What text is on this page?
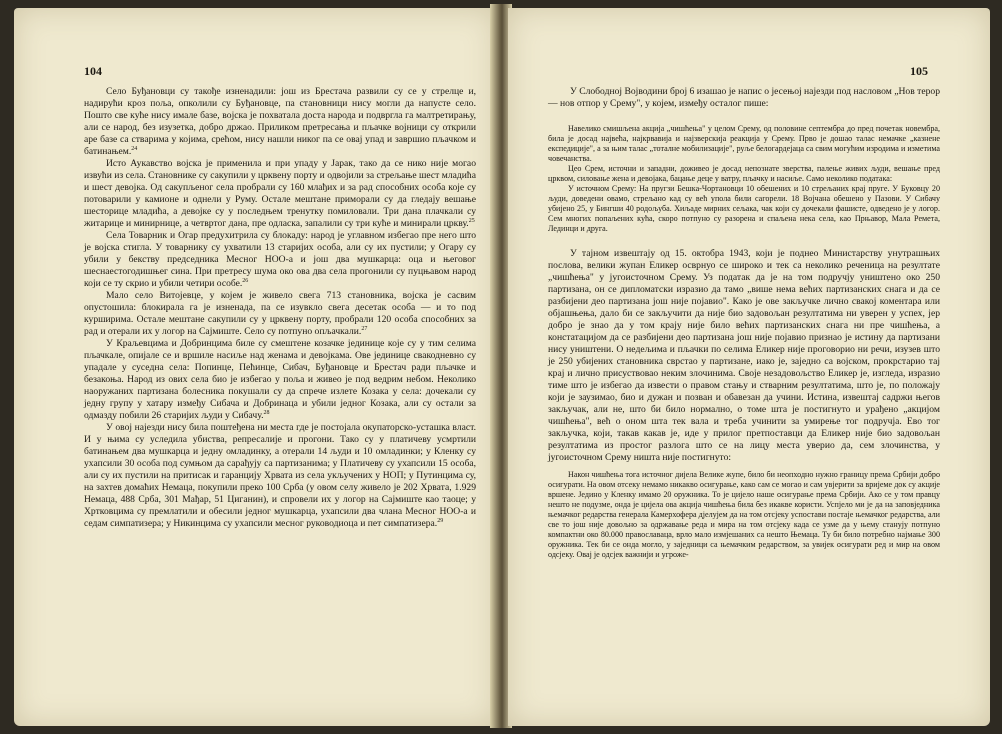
104

Село Буђановци су такође изненадили: још из Брестача развили су се у стрелце и, надирући кроз поља, опколили су Буђановце, па становници нису могли да напусте село. Пошто све куће нису имале базе, војска је похватала доста народа и подвргла га малтретирању, али се народ, без изузетка, добро држао. Приликом претресања и пљачке војници су открили аре базе са стварима у којима, срећом, нису нашли никог па се овај упад и завршио пљачком и батинањем.$^{24}$

Исто Аукавство војска је применила и при упаду у Јарак, тако да се нико није могао извући из села. Становнике су сакупили у црквену порту и одвојили за стрељање шест младића и шест девојка. Од сакупљеног села пробрали су 160 млађих и за рад способних особа које су потоварили у камионе и однели у Руму. Остале мештане приморали су да гледају вешање шесторице младића, а девојке су у последњем тренутку помиловали. Три дана плачкали су житарице и минирнице, а четвртог дана, пре одласка, запалили су три куће и миниpали цркву.$^{25}$

Села Товарник и Огар предухитрила су блокаду: народ је углавном избегао пре него што је војска стигла. У товарнику су ухватили 13 старијих особа, али су их пустили; у Огару су убили у бекству председника Месног НОО-а и још два мушкарца: оца и његовог шеснаестогодишњег сина. При претресу шума око ова два села прогонили су пуцњавом народ који се ту скрио и убили четири особе.$^{26}$

Мало село Витојевце, у којем је живело свега 713 становника, војска је сасвим опустошила: блокирала га је изненада, па се изувкло свега десетак особа — и то под курширима. Остале мештане сакупили су у црквену порту, пробрали 120 особа способних за рад и отерали их у логор на Сајмиште. Село су потпуно опљачкали.$^{27}$

У Краљевцима и Добринцима биле су смештене козачке јединице које су у тим селима пљачкале, опијале се и вршиле насиље над женама и девојкама. Ове јединице свакодневно су упадале у суседна села: Попинце, Пећинце, Сибач, Буђановце и Брестач ради пљачке и безакоња. Народ из ових села био је избегао у поља и живео је под ведрим небом. Неколико наоружаних партизана болесника покушали су да спрече излете Козака у села: дочекали су једну групу у хатару између Сибача и Добринаца и убили једног Козака, али су остали за одмазду побили 26 старијих људи у Сибачу.$^{28}$

У овој најезди нису била поштеђена ни места где је постојала окупаторско-усташка власт. И у њима су уследила убиства, репресалије и прогони. Тако су у платичеву усмртили батинањем два мушкарца и једну омладинку, а отерали 14 људи и 10 омладинки; у Кленку су ухапсили 30 особа под сумњом да сарађују са партизанима; у Платичеву су ухапсили 15 особа, али су их пустили на притисак и гаранцију Хрвата из села укључених у НОП; у Путинцима су, на захтев домаћих Немаца, покупили преко 100 Срба (у овом селу живело је 202 Хрвата, 1.929 Немаца, 488 Срба, 301 Мађар, 51 Циганин), и спровели их у логор на Сајмиште као таоце; у Хртковцима су премлатили и обесили једног мушкарца, ухапсили два члана Месног НОО-а и седам симпатизера; у Никинцима су ухапсили месног руководиоца и пет симпатизера.$^{29}$

105

У Слободној Војводини број 6 изашао је напис о јесењој најезди под насловом „Нов терор — нов отпор у Срему", у којем, између осталог пише:

Навелико смишљена акција „чишћења" у целом Срему, од половине септембра до пред почетак новембра, била је досад највећа, најкрвавија и најзверскија реакција у Срему. Прво је дошао талас немачке „казнене експедиције", а за њим талас „тоталне мобилизације", руље белогардејаца са свим могућим изродима и изметима човечанства.

Цео Срем, источни и западни, доживео је досад непознате зверства, палење живих људи, вешање пред црквом, силовање жена и девојака, бацање деце у ватру, пљачку и насиље. Само неколико података:

У источном Срему: На пругзи Бешка-Чортановци 10 обешених и 10 стрељаних крај пруге. У Буковцу 20 људи, доведени овамо, стрељано кад су већ упола били сагорели. 18 Војчана обешено у Пазови. У Сибачу убијено 25, у Бингши 40 родољуба. Хиљаде мирних сељака, чак који су дочекали фашисте, одведено је у логор. Сем многих попаљених кућа, скоро потпуно су разорена и спаљена нека села, као Прњавор, Мала Ремета, Лединци и друга.

У тајном извештају од 15. октобра 1943, који је поднео Министарству унутрашњих послова, велики жупан Еликер осврнуо се широко и тек са неколико реченица на резултате „чишћења" у југоисточном Срему. Уз податак да је на том подручју уништено око 250 партизана, он се дипломатски изразио да тамо „више нема већих партизанских снага и да се разбијени део партизана још није појавио". Како је ове закључке лично свакој коментара или објашњења, дало би се закључити да није био задовољан резултатима ни уверен у успех, јер добро је знао да у том крају није било већих партизанских снага ни пре чишћења, а констатацијом да се разбијени део партизана још није појавио признао је истину да партизани нису уништени. О недељима и пљачки по селима Еликер није проговорио ни речи, изузев што је 250 убијених становника сврстао у партизане, иако је, заједно са војском, прокрстарио тај крај и лично присуствовао неким злочинима. Своје незадовољство Еликер је, изгледа, изразио тиме што је избегао да извести о правом стању и стварним резултатима, што је, по положају који је заузимао, био и дужан и позван и обавезан да учини. Истина, извештај садржи његов закључак, али не, што би било нормално, о томе шта је постигнуто и урађено „акцијом чишћења", већ о оном шта тек вала и треба учинити за умирење тог подручја. Ево тог закључка, који, такав какав је, иде у прилог претпоставци да Еликер није био задовољан резултатима из простог разлога што се на лицу места уверио да, сем злочинства, у југоисточном Срему ништа није постигнуто:

Након чишћења тога источног дијела Велике жупе, било би неопходно нужно границу према Србији добро осигурати. На овом отсеку немамо никакво осигурање, како сам се могао и сам увјерити за вријеме док су акције вршене. Једино у Кленку имамо 20 оружника. То је цијело наше осигурање према Србији. Ако се у том правцу нешто не подузме, онда је цијела ова акција чишћења била без икакве користи. Успјело ми је да на заповједника њемачког редарства генерала Камерхофера дјелујем да на том отсјеку успостави постаје њемачког редарства, али све то још није довољно за одржавање реда и мира на том отсјеку када се узме да у њему станују потпуно компактни око 80.000 православаца, врло мало измјешаних са нешто Њемаца. Ту би било потребно најмање 300 оружника. Тек би се онда могло, у заједници са њемачким редарством, за увијек осигурати ред и мир на овом одсјеку. Овај је одсјек важнији и угроже-
